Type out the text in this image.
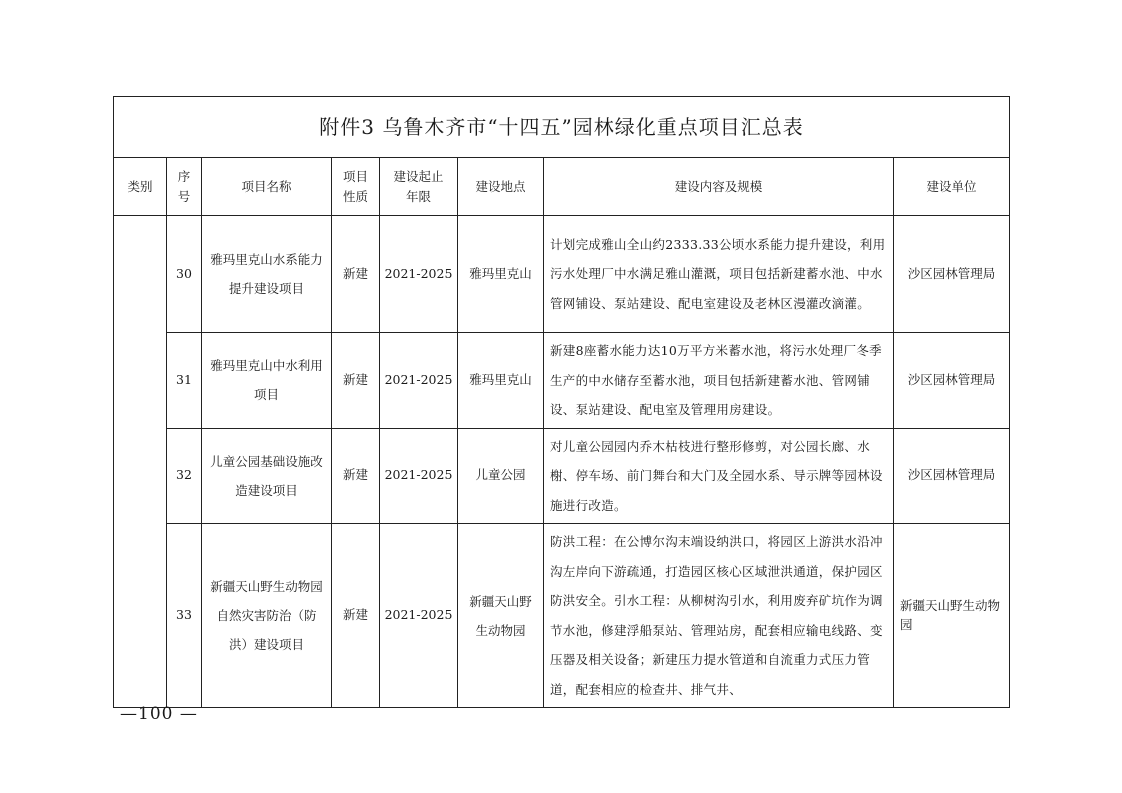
附件3 乌鲁木齐市“十四五”园林绿化重点项目汇总表							
类别	序号	项目名称	项目性质	建设起止年限	建设地点	建设内容及规模	建设单位
	30	雅玛里克山水系能力提升建设项目	新建	2021-2025	雅玛里克山	计划完成雅山全山约2333.33公顷水系能力提升建设，利用污水处理厂中水满足雅山灌溉，项目包括新建蓄水池、中水管网铺设、泵站建设、配电室建设及老林区漫灌改滴灌。	沙区园林管理局
	31	雅玛里克山中水利用项目	新建	2021-2025	雅玛里克山	新建8座蓄水能力达10万平方米蓄水池，将污水处理厂冬季生产的中水储存至蓄水池，项目包括新建蓄水池、管网铺设、泵站建设、配电室及管理用房建设。	沙区园林管理局
	32	儿童公园基础设施改造建设项目	新建	2021-2025	儿童公园	对儿童公园园内乔木枯枝进行整形修剪，对公园长廊、水榭、停车场、前门舞台和大门及全园水系、导示牌等园林设施进行改造。	沙区园林管理局
	33	新疆天山野生动物园自然灾害防治（防洪）建设项目	新建	2021-2025	新疆天山野生动物园	防洪工程：在公博尔沟末端设纳洪口，将园区上游洪水沿冲沟左岸向下游疏通，打造园区核心区域泄洪通道，保护园区防洪安全。引水工程：从柳树沟引水，利用废弃矿坑作为调节水池，修建浮船泵站、管理站房，配套相应输电线路、变压器及相关设备；新建压力提水管道和自流重力式压力管道，配套相应的检查井、排气井、	新疆天山野生动物园
—100 —
